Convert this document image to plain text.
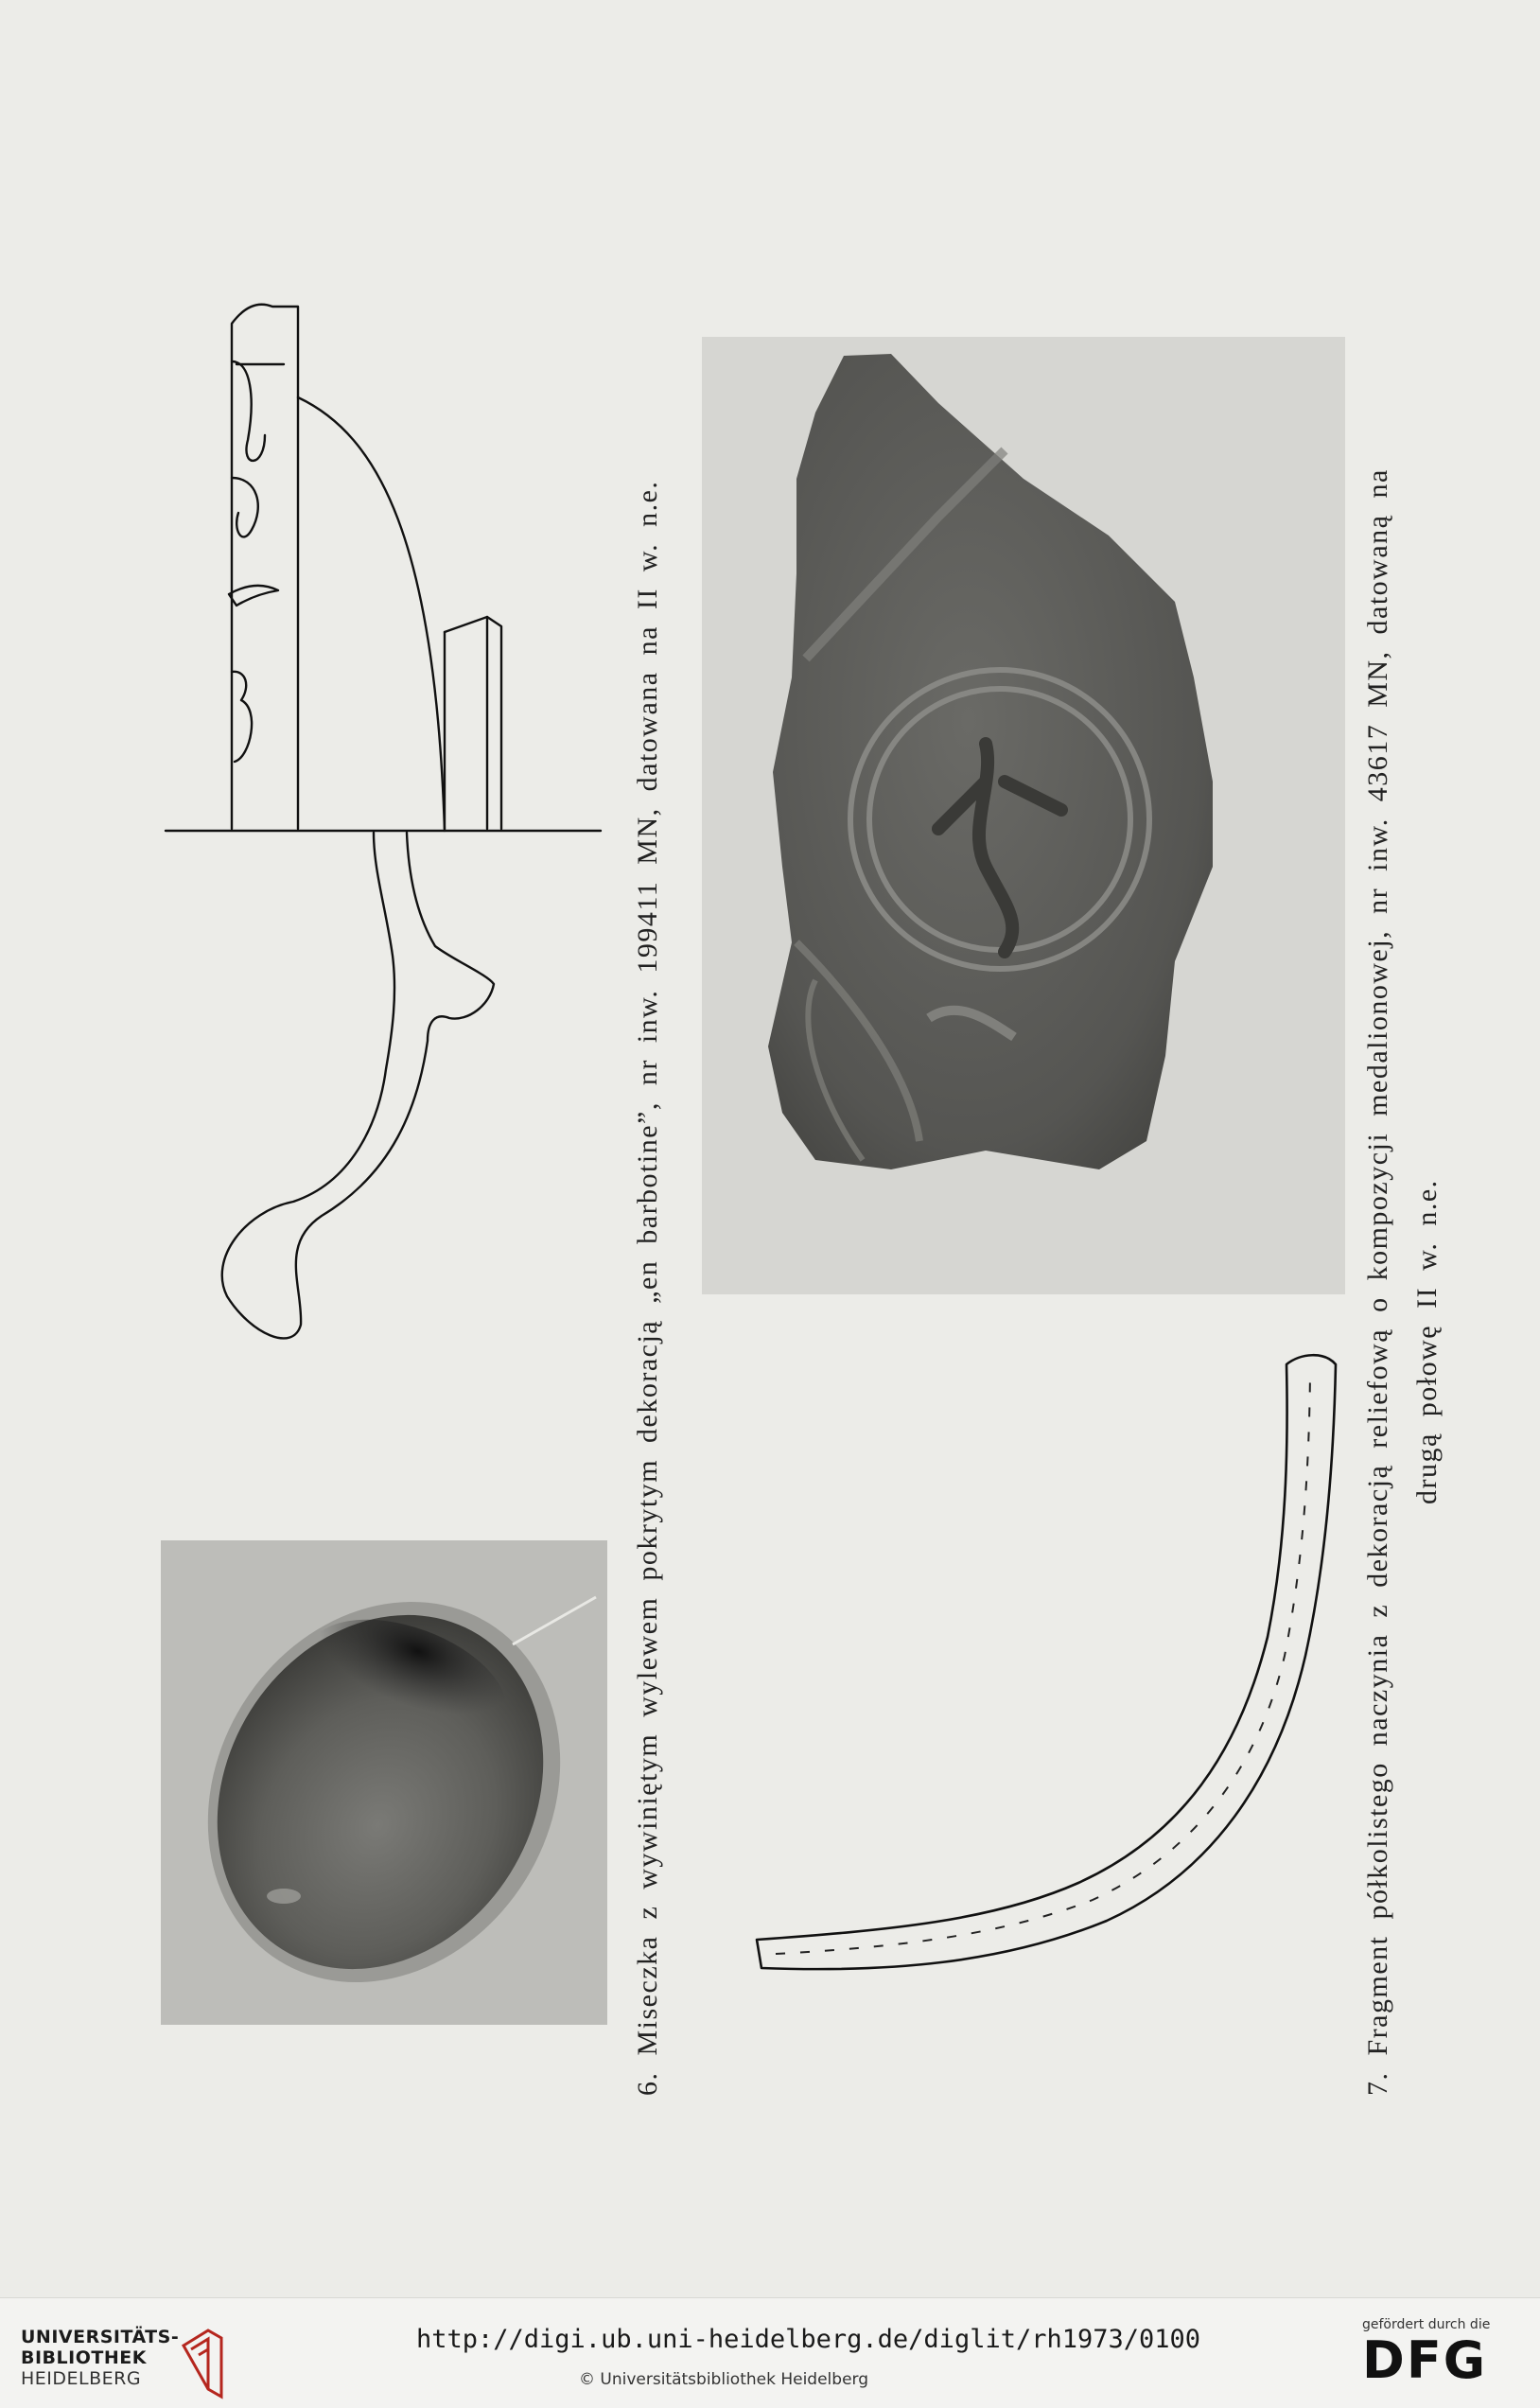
6. Miseczka z wywiniętym wylewem pokrytym dekoracją „en barbotine”, nr inw. 199411 MN, datowana na II w. n.e.	7. Fragment półkolistego naczynia z dekoracją reliefową o kompozycji medalionowej, nr inw. 43617 MN, datowaną na drugą połowę II w. n.e.
UNIVERSITÄTS-
BIBLIOTHEK
HEIDELBERG
http://digi.ub.uni-heidelberg.de/diglit/rh1973/0100
© Universitätsbibliothek Heidelberg
gefördert durch die
DFG
